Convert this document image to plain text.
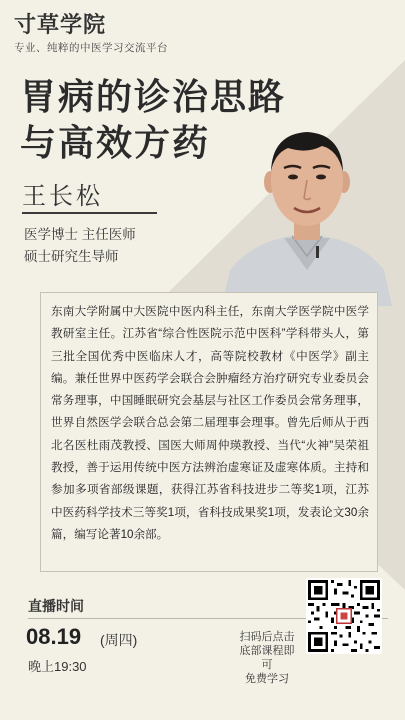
寸草学院
专业、纯粹的中医学习交流平台
胃病的诊治思路
与高效方药
王长松
医学博士 主任医师
硕士研究生导师
东南大学附属中大医院中医内科主任，东南大学医学院中医学教研室主任。江苏省“综合性医院示范中医科”学科带头人，第三批全国优秀中医临床人才，高等院校教材《中医学》副主编。兼任世界中医药学会联合会肿瘤经方治疗研究专业委员会常务理事，中国睡眠研究会基层与社区工作委员会常务理事，世界自然医学会联合总会第二届理事会理事。曾先后师从于西北名医杜雨茂教授、国医大师周仲瑛教授、当代“火神”吴荣祖教授，善于运用传统中医方法辨治虚寒证及虚寒体质。主持和参加多项省部级课题，获得江苏省科技进步二等奖1项，江苏中医药科学技术三等奖1项，省科技成果奖1项，发表论文30余篇，编写论著10余部。
直播时间
08.19 (周四)
晚上19:30
扫码后点击
底部课程即可
免费学习
